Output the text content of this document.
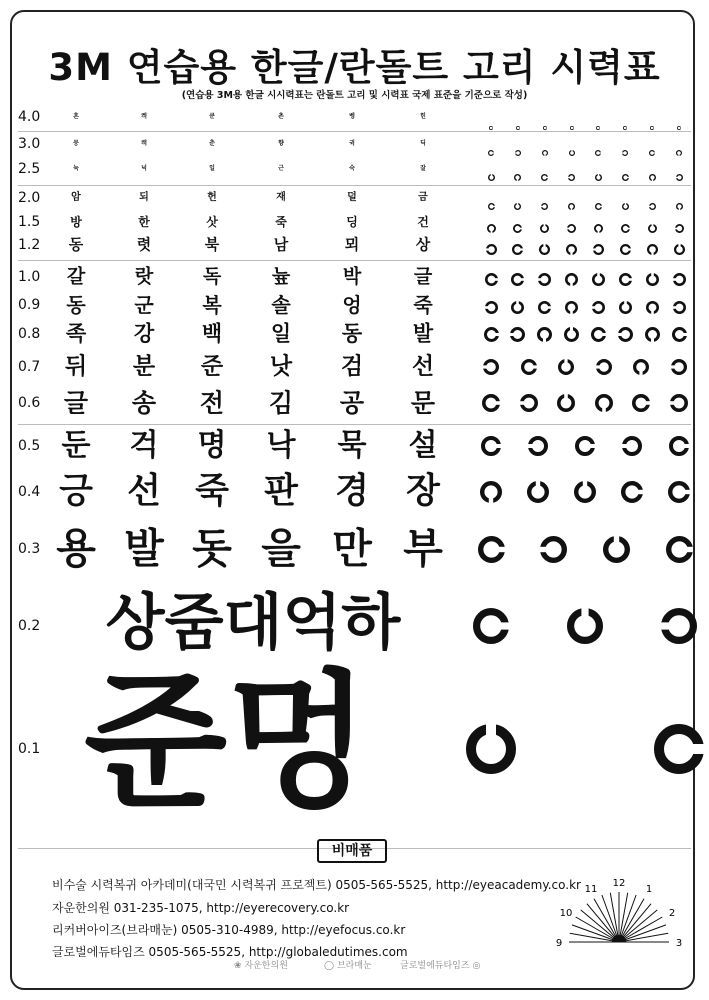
3M 연습용 한글/란돌트 고리 시력표
(연습용 3M용 한글 시시력표는 란돌트 고리 및 시력표 국제 표준을 기준으로 작성)
4.0	흔	켁	쿤	촌	벵	힌
3.0	뭉	캑	춘	향	귁	딕
2.5	뉵	넉	일	근	숙	잘
2.0	암	되	헌	재	덜	금
1.5 방	한	삿	죽	딩	건
1.2 동	렷	북	남	뫼	상
1.0 갈	랏	독	늎	박	글
0.9 동 군 복 솔	엉	죽
0.8 족 강 백 일 동 발
0.7 뒤 분 준 낫 검 선
0.6 글 송 전 김 공 문
0.5 둔 걱 명 낙 묵 설
0.4 긍 선 죽 판 경 장
0.3 용 발 돗 을 만 부
0.2	상줌대억하
0.1 준멍
비매품
비수술 시력복귀 아카데미(대국민 시력복귀 프로젝트) 0505-565-5525, http://eyeacademy.co.kr
자운한의원 031-235-1075, http://eyerecovery.co.kr
리커버아이즈(브라매눈) 0505-310-4989, http://eyefocus.co.kr
글로벌에듀타임즈 0505-565-5525, http://globaledutimes.com
9
10
11
12
1
2
3
❀ 자운한의원	◯ 브라매눈	글로벌에듀타임즈 ◎
